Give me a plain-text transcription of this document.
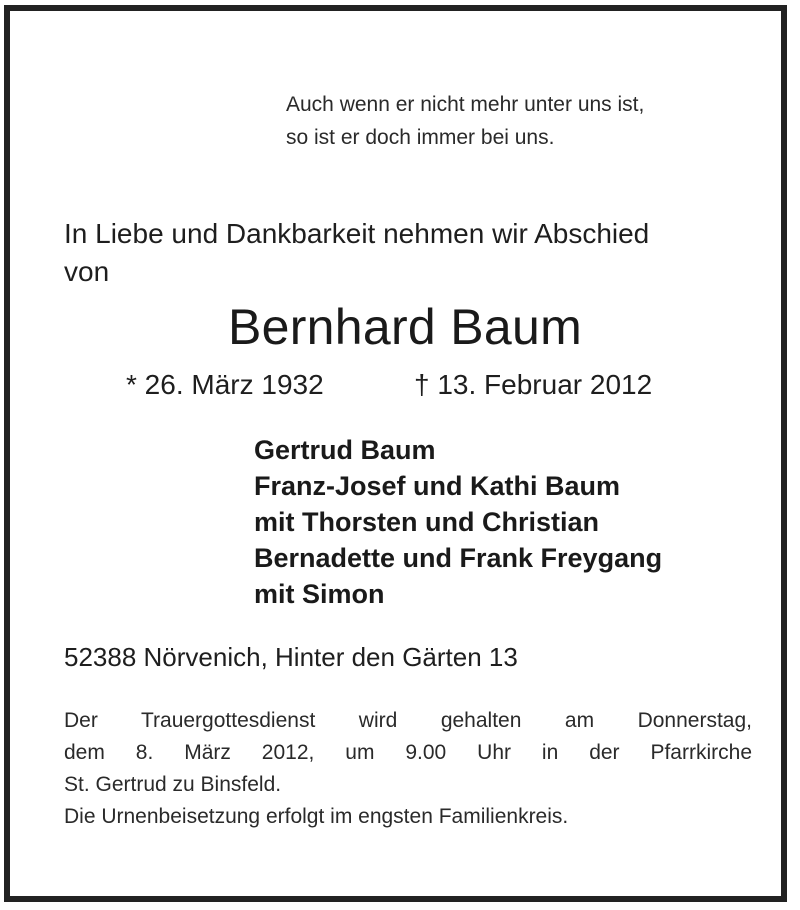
Auch wenn er nicht mehr unter uns ist,
so ist er doch immer bei uns.
In Liebe und Dankbarkeit nehmen wir Abschied
von
Bernhard Baum
* 26. März 1932	† 13. Februar 2012
Gertrud Baum
Franz-Josef und Kathi Baum
mit Thorsten und Christian
Bernadette und Frank Freygang
mit Simon
52388 Nörvenich, Hinter den Gärten 13
Der Trauergottesdienst wird gehalten am Donnerstag,
dem 8. März 2012, um 9.00 Uhr in der Pfarrkirche
St. Gertrud zu Binsfeld.
Die Urnenbeisetzung erfolgt im engsten Familienkreis.
